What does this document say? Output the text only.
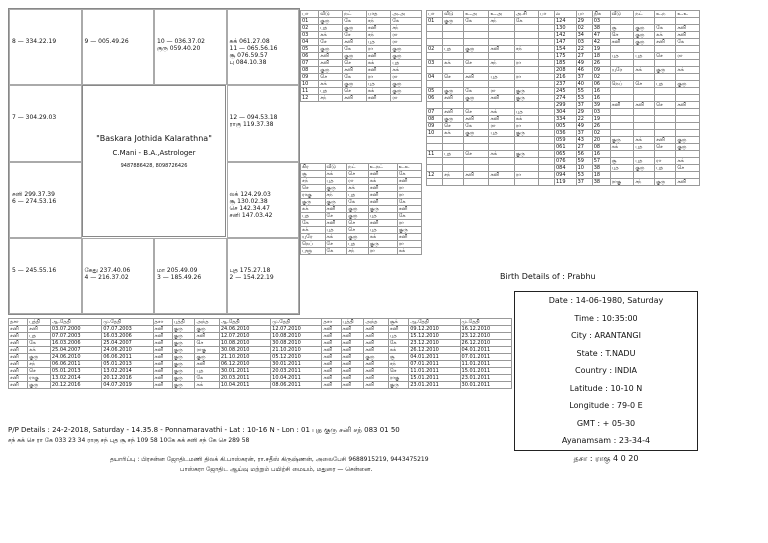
8 — 334.22.19	9 — 005.49.26	10 — 036.37.02
குரு 059.40.20
சுக் 061.27.08
11 — 065.56.16
சூ 076.59.57
பு 084.10.38
7 — 304.29.03	12 — 094.53.18
ராகு 119.37.38
சனி 299.37.39
6 — 274.53.16
லக் 124.29.03
சூ 130.02.38
செ 142.34.47
சனி 147.03.42
5 — 245.55.16	கேது 237.40.06
4 — 216.37.02
மா 205.49.09
3 — 185.49.26
புத 175.27.18
2 — 154.22.19
"Baskara Jothida Kalarathna"
C.Mani - B.A.,Astrologer
9487886428, 8098726426
பா	வீடு	நட்	பாத	அ.அ
01	குரு	கே	சந்	கே
02	புத	குரு	சனி	சந்
03	சுக்	சே	சந்	ரா
04	சே	சனி	புத	ரா
05	குரு	கே	ரா	குரு
06	சனி	குரு	சனி	குரு
07	சனி	செ	சுக்	புத
08	குரு	சனி	சனி	சுக்
09	செ	கே	ரா	ரா
10	சுக்	குரு	புத	குரு
11	புத	செ	சுக்	குரு
12	சந்	சனி	சனி	ரா
கிர	வீடு	நட்	உ.நட்	உ.உ
சூ	சுக்	செ	சனி	கே
சந்	புத	ரா	சுக்	சனி
செ	குரு	சுக்	சனி	ரா
ராகு	சந்	புத	சனி	ரா
குரு	குரு	கே	சனி	கே
சுக்	சனி	குரு	குரு	சனி
புத	சே	குரு	புத	கே
கே	சனி	செ	சனி	ரா
சுக்	புத	செ	புத	குரு
யுரே	சுக்	குரு	சுக்	சனி
நெப்	சே	புத	குரு	ரா
புளூ	கே	சந்	ரா	சுக்
பா	வீடு	உ.அ	உ.அ	அ.சி	பா	ல	பா	நிசு	வீடு	நட்	உ.ந	உ.உ
01	குரு	கே	சந்	கே		124	29	03				
						130	02	38	சூ	குரு	கே	சனி
						142	34	47	செ	குரு	சுக்	சனி
						147	03	42	சனி	குரு	சனி	கே
02	புத	குரு	சனி	சந்		154	22	19				
						175	27	18	புத	புத	செ	ரா
03	சுக்	செ	சந்	ரா		185	49	26				
						208	46	09	யுரே	சுக்	குரு	சுக்
04	செ	சனி	புத	ரா		216	37	02				
						237	40	06	நெப்	செ	புத	குரு
05	குரு	கே	ரா	குரு		245	55	16				
06	சனி	குரு	சனி	குரு		274	53	16				
						299	37	39	சனி	சனி	செ	சனி
07	சனி	செ	சுக்	புத		304	29	03				
08	குரு	சனி	சனி	சுக்		334	22	19				
09	செ	கே	ரா	ரா		005	49	26				
10	சுக்	குரு	புத	குரு		036	37	02				
						059	43	20	குரு	சுக்	சனி	குரு
						061	27	08	சுக்	புத	செ	குரு
11	புத	செ	சுக்	குரு		065	56	16				
						076	59	57	சூ	புத	ரா	சுக்
						084	10	38	புத	குரு	புத	செ
12	சந்	சனி	சனி	ரா		094	53	18				
						119	37	38	ராகு	சந்	குரு	சனி
தசா	புத்தி	ஆ.தேதி	மு.தேதி	தசா	புத்தி	அந்த	ஆ.தேதி	மு.தேதி	தசா	புத்தி	அந்த	சூக்	ஆ.தேதி	மு.தேதி
சனி	சனி	03.07.2000	07.07.2003	சனி	குரு	குரு	24.06.2010	12.07.2010	சனி	சனி	சனி	சனி	09.12.2010	16.12.2010
சனி	புத	07.07.2003	16.03.2006	சனி	குரு	சனி	12.07.2010	10.08.2010	சனி	சனி	சனி	புத	15.12.2010	23.12.2010
சனி	கே	16.03.2006	25.04.2007	சனி	குரு	செ	10.08.2010	30.08.2010	சனி	சனி	சனி	கே	23.12.2010	26.12.2010
சனி	சுக்	25.04.2007	24.06.2010	சனி	குரு	ராகு	30.08.2010	21.10.2010	சனி	சனி	சனி	சுக்	26.12.2010	04.01.2011
சனி	குரு	24.06.2010	06.06.2011	சனி	குரு	குரு	21.10.2010	05.12.2010	சனி	சனி	குரு	சூ	04.01.2011	07.01.2011
சனி	சந்	06.06.2011	05.01.2013	சனி	குரு	சனி	06.12.2010	30.01.2011	சனி	சனி	சனி	சந்	07.01.2011	11.01.2011
சனி	செ	05.01.2013	13.02.2014	சனி	குரு	புத	30.01.2011	20.03.2011	சனி	சனி	சனி	செ	11.01.2011	15.01.2011
சனி	ராகு	13.02.2014	20.12.2016	சனி	குரு	கே	20.03.2011	10.04.2011	சனி	சனி	சனி	ராகு	15.01.2011	23.01.2011
சனி	குரு	20.12.2016	04.07.2019	சனி	குரு	சுக்	10.04.2011	08.06.2011	சனி	சனி	சனி	குரு	23.01.2011	30.01.2011
Birth Details of : Prabhu
Date : 14-06-1980, Saturday
Time : 10:35:00
City : ARANTANGI
State : T.NADU
Country : INDIA
Latitude : 10-10 N
Longitude : 79-0 E
GMT : + 05-30
Ayanamsam : 23-34-4
தசா : ராகு 4 0 20
P/P Details : 24-2-2018, Saturday - 14.35.8 - Ponnamaravathi - Lat : 10-16 N - Lon : 01 புத குரு சனி சந் 083 01 50
சந் சுக் செ ரா கே 033 23 34 ராகு சந் புத சூ சந் 109 58 10கே சுக் சனி சந் கே செ 289 58
தயாரிப்பு : பிரசன்ன ஜோதிடமணி திலக் கி.பாஸ்கரன், ரா.சதீஸ் கிருஷ்ணன், அலைபேசி 9688915219, 9443475219
பாஸ்கரா ஜோதிட ஆய்வு மற்றும் பயிற்சி மையம், மதுரை — சென்னை.
